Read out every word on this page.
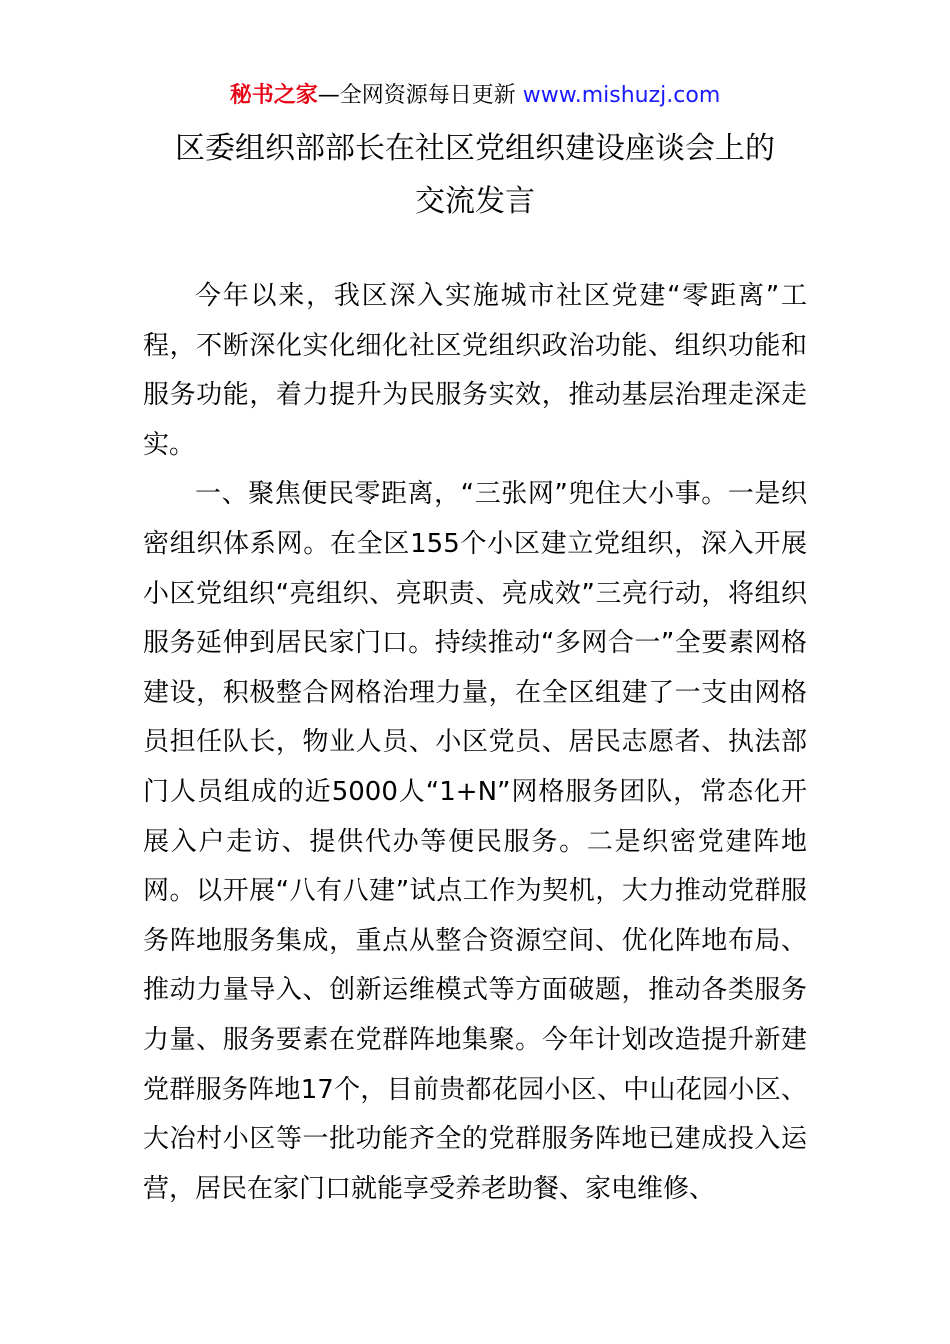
秘书之家—全网资源每日更新 www.mishuzj.com
区委组织部部长在社区党组织建设座谈会上的
交流发言

今年以来，我区深入实施城市社区党建“零距离”工程，不断深化实化细化社区党组织政治功能、组织功能和服务功能，着力提升为民服务实效，推动基层治理走深走实。

一、聚焦便民零距离，“三张网”兜住大小事。一是织密组织体系网。在全区155个小区建立党组织，深入开展小区党组织“亮组织、亮职责、亮成效”三亮行动，将组织服务延伸到居民家门口。持续推动“多网合一”全要素网格建设，积极整合网格治理力量，在全区组建了一支由网格员担任队长，物业人员、小区党员、居民志愿者、执法部门人员组成的近5000人“1+N”网格服务团队，常态化开展入户走访、提供代办等便民服务。二是织密党建阵地网。以开展“八有八建”试点工作为契机，大力推动党群服务阵地服务集成，重点从整合资源空间、优化阵地布局、推动力量导入、创新运维模式等方面破题，推动各类服务力量、服务要素在党群阵地集聚。今年计划改造提升新建党群服务阵地17个，目前贵都花园小区、中山花园小区、大冶村小区等一批功能齐全的党群服务阵地已建成投入运营，居民在家门口就能享受养老助餐、家电维修、
